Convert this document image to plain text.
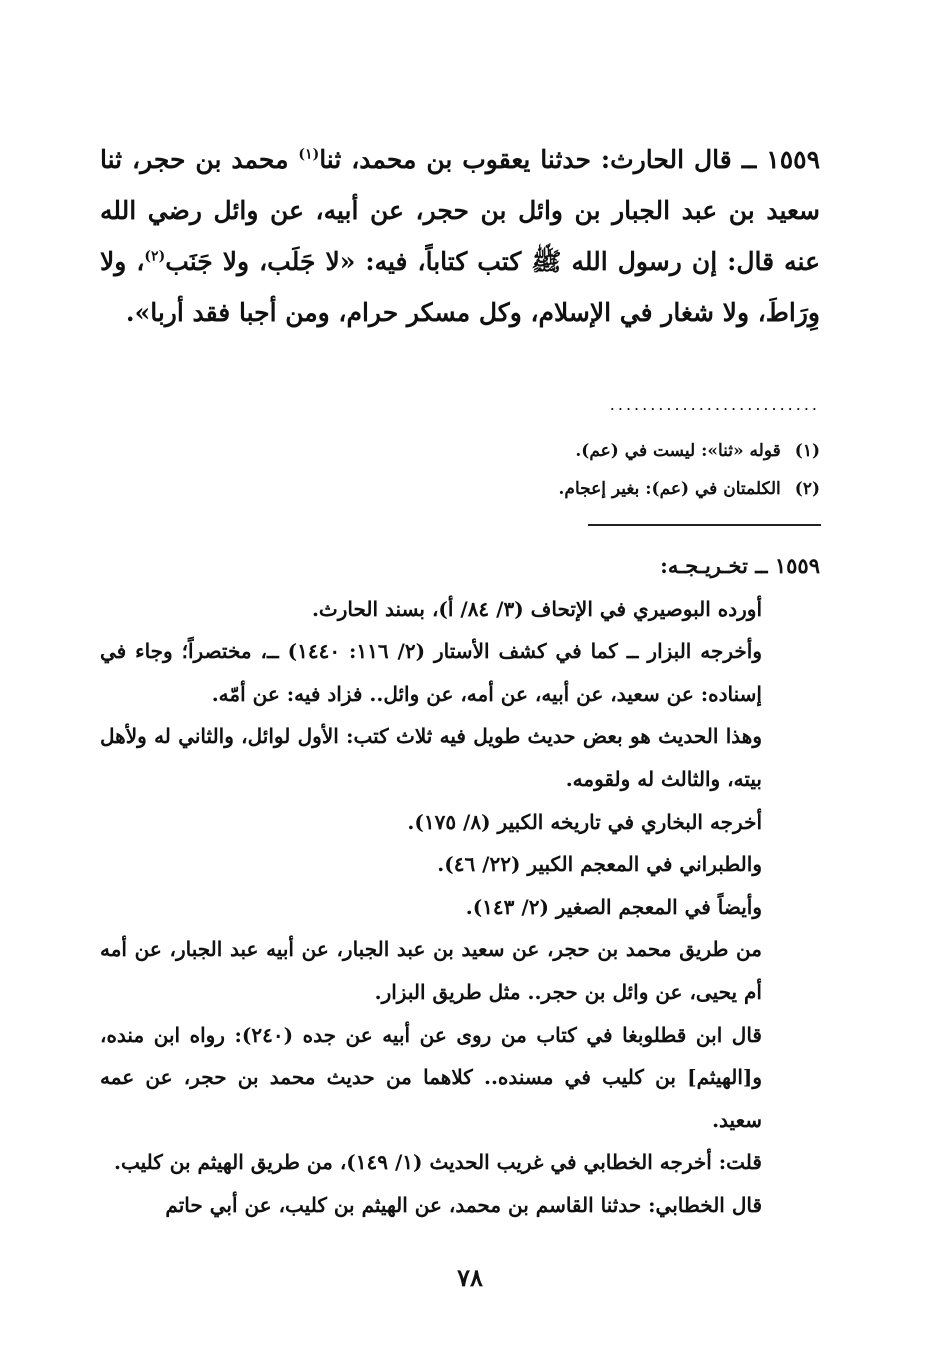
١٥٥٩ ــ قال الحارث: حدثنا يعقوب بن محمد، ثنا$^{(١)}$ محمد بن حجر، ثنا سعيد بن عبد الجبار بن وائل بن حجر، عن أبيه، عن وائل رضي الله عنه قال: إن رسول الله ﷺ كتب كتاباً، فيه: «لا جَلَب، ولا جَنَب$^{(٢)}$، ولا وِرَاطَ، ولا شغار في الإسلام، وكل مسكر حرام، ومن أجبا فقد أربا».
..........................
(١)قوله «ثنا»: ليست في (عم).
(٢)الكلمتان في (عم): بغير إعجام.

١٥٥٩ ــ تخـريـجـه:

أورده البوصيري في الإتحاف (٣/ ٨٤/ أ)، بسند الحارث.

وأخرجه البزار ــ كما في كشف الأستار (٢/ ١١٦: ١٤٤٠) ــ، مختصراً؛ وجاء في إسناده: عن سعيد، عن أبيه، عن أمه، عن وائل.. فزاد فيه: عن أمّه.

وهذا الحديث هو بعض حديث طويل فيه ثلاث كتب: الأول لوائل، والثاني له ولأهل بيته، والثالث له ولقومه.

أخرجه البخاري في تاريخه الكبير (٨/ ١٧٥).

والطبراني في المعجم الكبير (٢٢/ ٤٦).

وأيضاً في المعجم الصغير (٢/ ١٤٣).

من طريق محمد بن حجر، عن سعيد بن عبد الجبار، عن أبيه عبد الجبار، عن أمه أم يحيى، عن وائل بن حجر.. مثل طريق البزار.

قال ابن قطلوبغا في كتاب من روى عن أبيه عن جده (٢٤٠): رواه ابن منده، و[الهيثم] بن كليب في مسنده.. كلاهما من حديث محمد بن حجر، عن عمه سعيد.

قلت: أخرجه الخطابي في غريب الحديث (١/ ١٤٩)، من طريق الهيثم بن كليب.

قال الخطابي: حدثنا القاسم بن محمد، عن الهيثم بن كليب، عن أبي حاتم

٧٨
